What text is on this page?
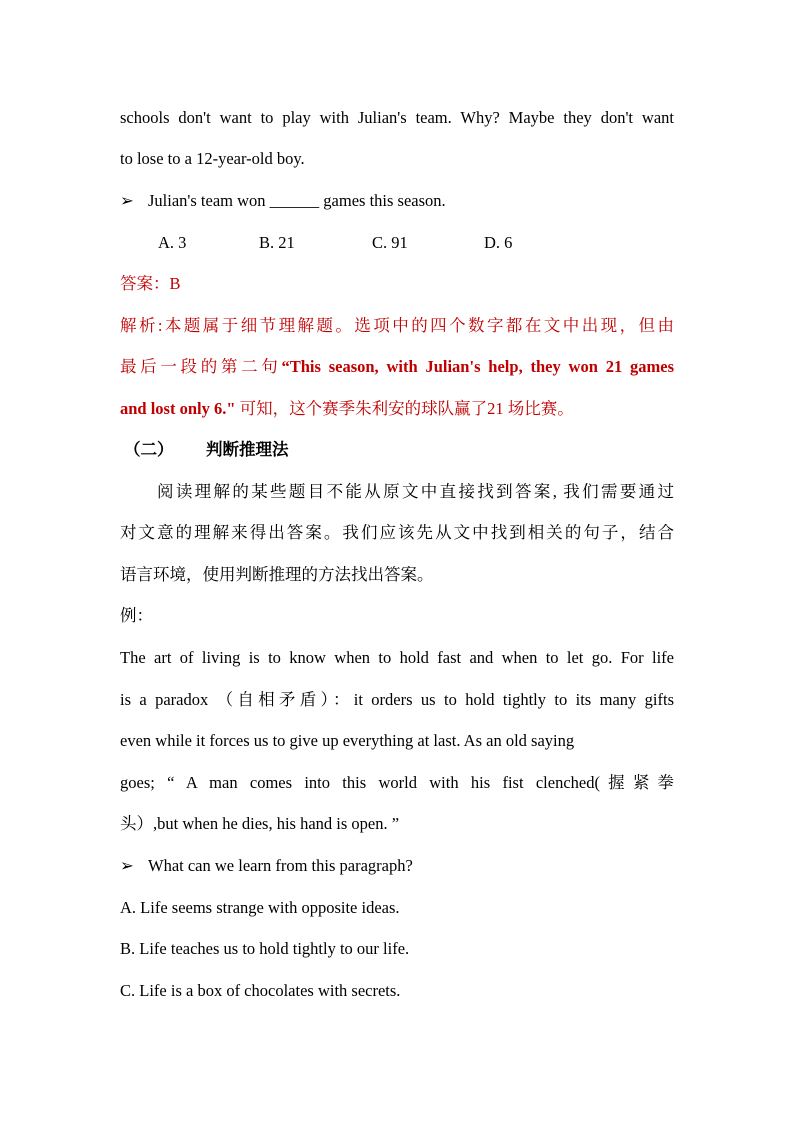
schools don't want to play with Julian's team. Why? Maybe they don't want
to lose to a 12-year-old boy.
➢ Julian's team won ______ games this season.
A. 3	B. 21	C. 91	D. 6
答案：B
解析:本题属于细节理解题。选项中的四个数字都在文中出现，但由
最后一段的第二句“This season, with Julian's help, they won 21 games
and lost only 6." 可知，这个赛季朱利安的球队赢了21 场比赛。
（二） 判断推理法
阅读理解的某些题目不能从原文中直接找到答案, 我们需要通过
对文意的理解来得出答案。我们应该先从文中找到相关的句子，结合
语言环境，使用判断推理的方法找出答案。
例：
The art of living is to know when to hold fast and when to let go. For life
is a paradox （自相矛盾）：it orders us to hold tightly to its many gifts
even while it forces us to give up everything at last. As an old saying
goes; “ A man comes into this world with his fist clenched(握紧拳
头）,but when he dies, his hand is open. ”
➢ What can we learn from this paragraph?
A. Life seems strange with opposite ideas.
B. Life teaches us to hold tightly to our life.
C. Life is a box of chocolates with secrets.
